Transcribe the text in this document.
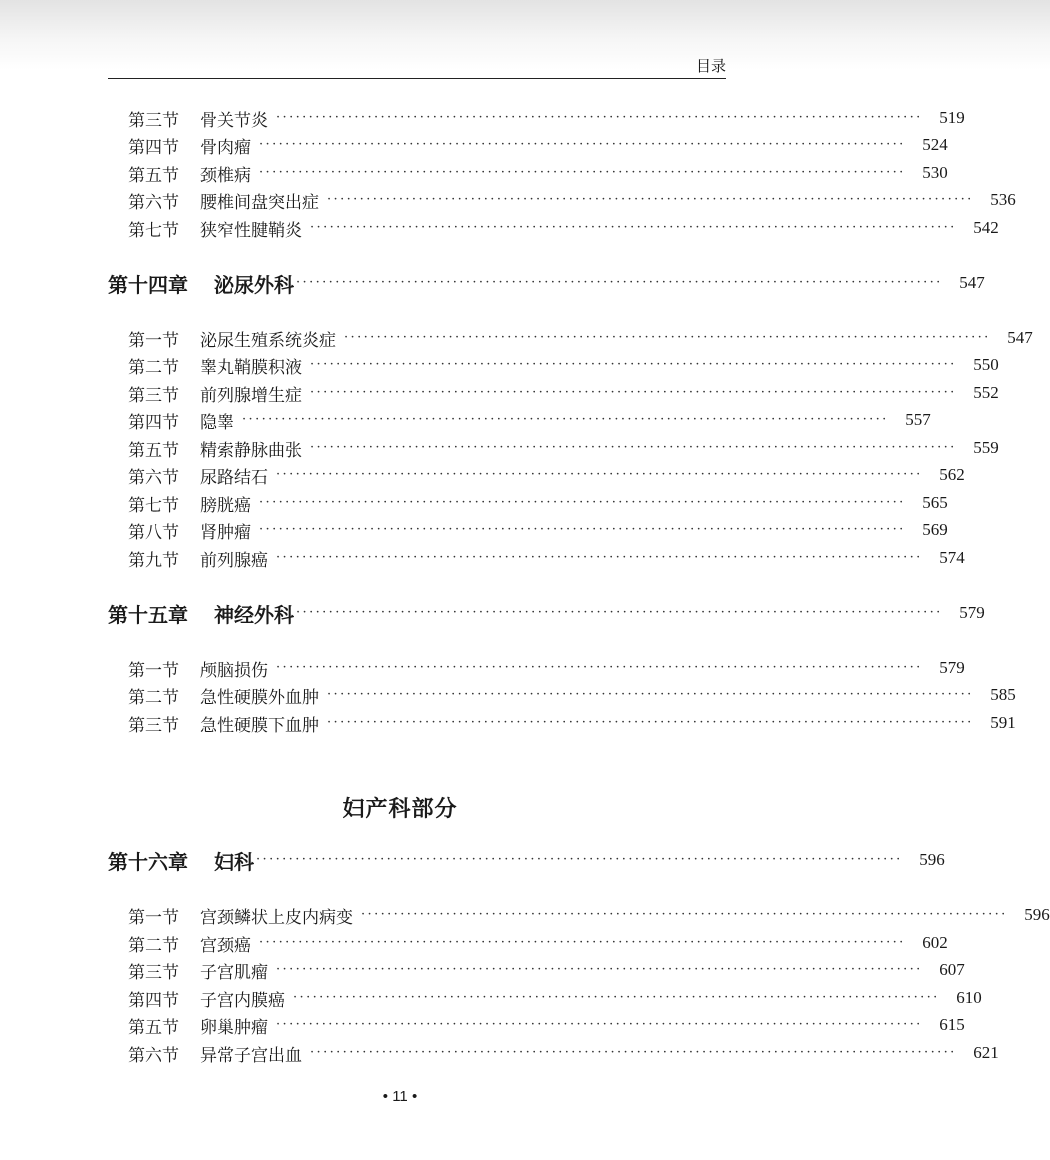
目录
第三节	骨关节炎 ··································································································· 519
第四节	骨肉瘤 ··································································································· 524
第五节	颈椎病 ··································································································· 530
第六节	腰椎间盘突出症 ··································································································· 536
第七节	狭窄性腱鞘炎 ··································································································· 542
第十四章	泌尿外科 ··································································································· 547
第一节	泌尿生殖系统炎症 ··································································································· 547
第二节	睾丸鞘膜积液 ··································································································· 550
第三节	前列腺增生症 ··································································································· 552
第四节	隐睾 ··································································································· 557
第五节	精索静脉曲张 ··································································································· 559
第六节	尿路结石 ··································································································· 562
第七节	膀胱癌 ··································································································· 565
第八节	肾肿瘤 ··································································································· 569
第九节	前列腺癌 ··································································································· 574
第十五章	神经外科 ··································································································· 579
第一节	颅脑损伤 ··································································································· 579
第二节	急性硬膜外血肿 ··································································································· 585
第三节	急性硬膜下血肿 ··································································································· 591
妇产科部分
第十六章	妇科 ··································································································· 596
第一节	宫颈鳞状上皮内病变 ··································································································· 596
第二节	宫颈癌 ··································································································· 602
第三节	子宫肌瘤 ··································································································· 607
第四节	子宫内膜癌 ··································································································· 610
第五节	卵巢肿瘤 ··································································································· 615
第六节	异常子宫出血 ··································································································· 621
• 11 •
